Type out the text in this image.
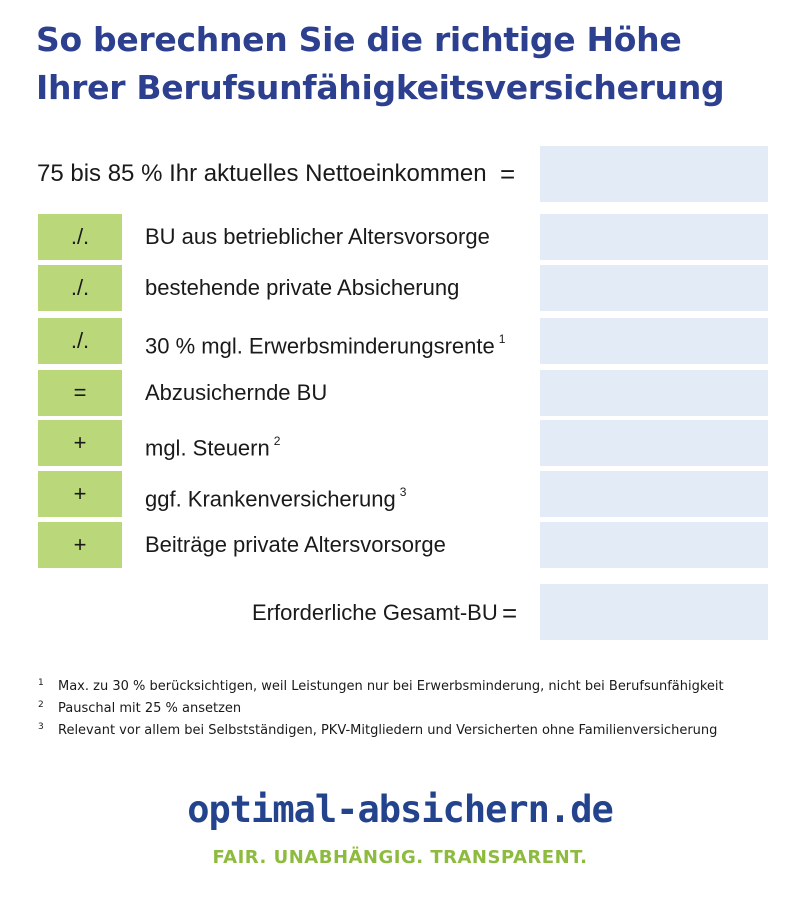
So berechnen Sie die richtige Höhe
Ihrer Berufsunfähigkeitsversicherung
75 bis 85 % Ihr aktuelles Nettoeinkommen =
./.	BU aus betrieblicher Altersvorsorge
./.	bestehende private Absicherung
./.	30 % mgl. Erwerbsminderungsrente $^1$
=	Abzusichernde BU
+	mgl. Steuern $^2$
+	ggf. Krankenversicherung $^3$
+	Beiträge private Altersvorsorge
Erforderliche Gesamt-BU =
1	Max. zu 30 % berücksichtigen, weil Leistungen nur bei Erwerbsminderung, nicht bei Berufsunfähigkeit
2	Pauschal mit 25 % ansetzen
3	Relevant vor allem bei Selbstständigen, PKV-Mitgliedern und Versicherten ohne Familienversicherung
optimal-absichern.de
FAIR. UNABHÄNGIG. TRANSPARENT.
